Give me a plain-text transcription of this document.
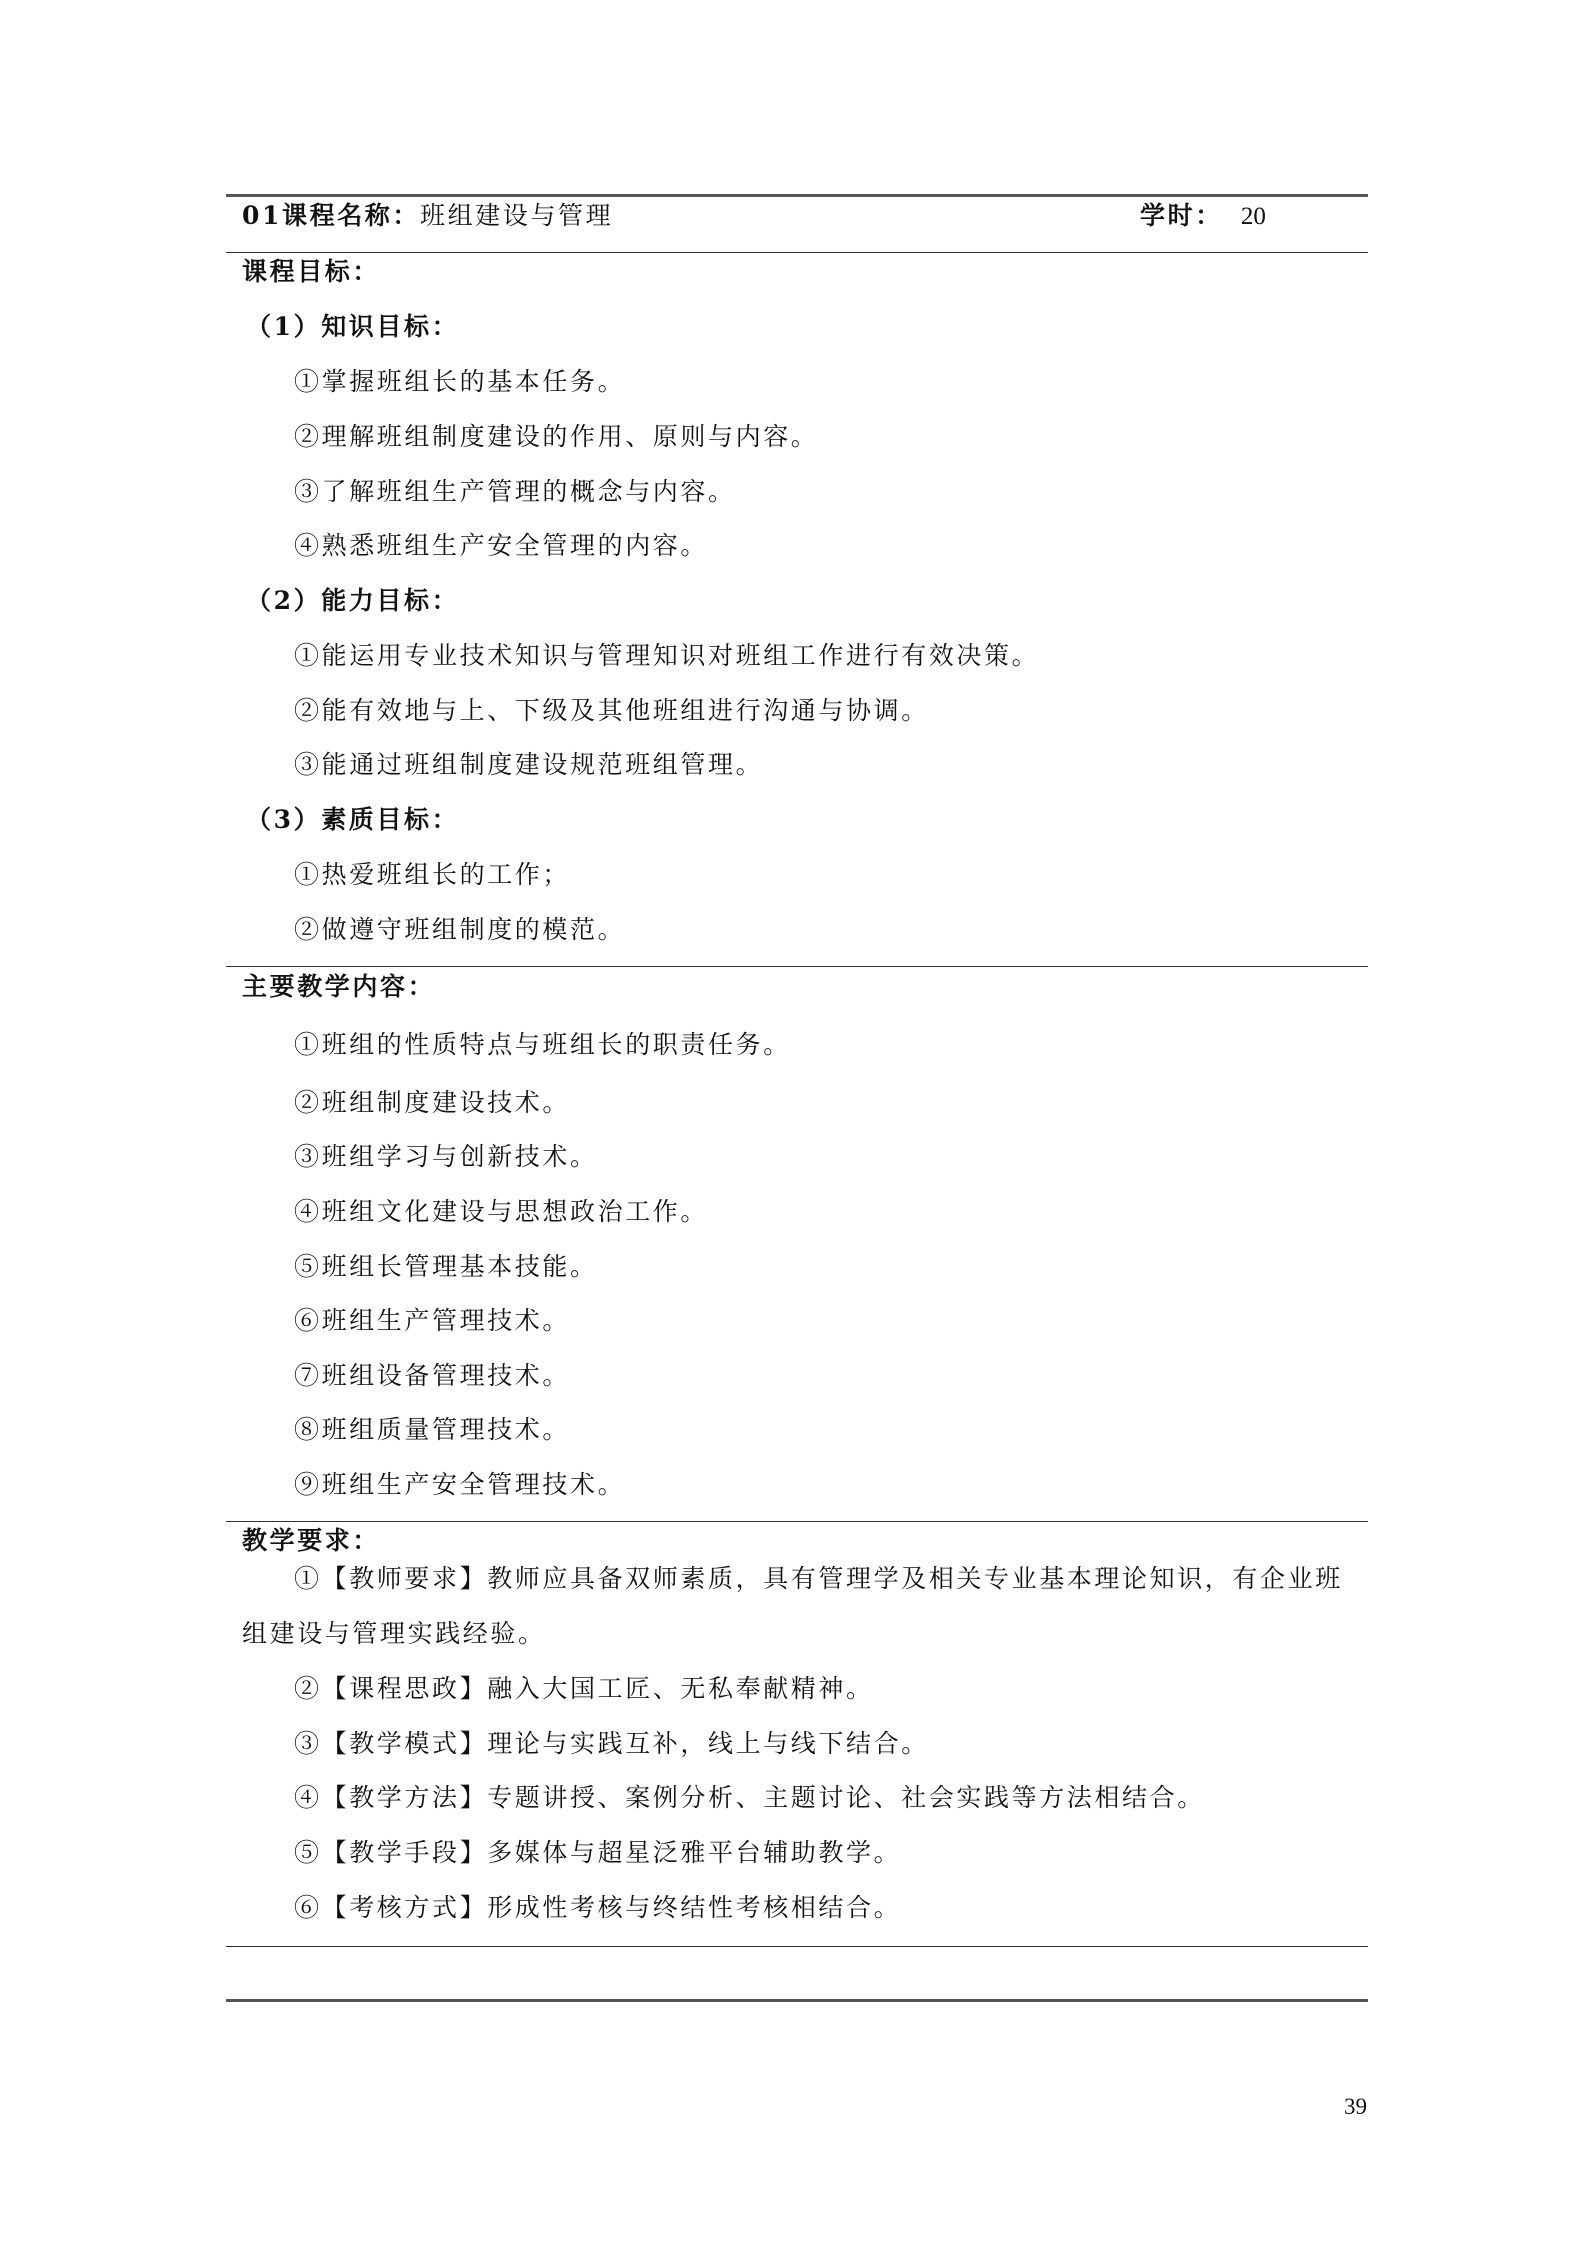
01课程名称：班组建设与管理	学时： 20
课程目标：
（1）知识目标：
①掌握班组长的基本任务。
②理解班组制度建设的作用、原则与内容。
③了解班组生产管理的概念与内容。
④熟悉班组生产安全管理的内容。
（2）能力目标：
①能运用专业技术知识与管理知识对班组工作进行有效决策。
②能有效地与上、下级及其他班组进行沟通与协调。
③能通过班组制度建设规范班组管理。
（3）素质目标：
①热爱班组长的工作；
②做遵守班组制度的模范。
主要教学内容：
①班组的性质特点与班组长的职责任务。
②班组制度建设技术。
③班组学习与创新技术。
④班组文化建设与思想政治工作。
⑤班组长管理基本技能。
⑥班组生产管理技术。
⑦班组设备管理技术。
⑧班组质量管理技术。
⑨班组生产安全管理技术。
教学要求：
①【教师要求】教师应具备双师素质，具有管理学及相关专业基本理论知识，有企业班
组建设与管理实践经验。
②【课程思政】融入大国工匠、无私奉献精神。
③【教学模式】理论与实践互补，线上与线下结合。
④【教学方法】专题讲授、案例分析、主题讨论、社会实践等方法相结合。
⑤【教学手段】多媒体与超星泛雅平台辅助教学。
⑥【考核方式】形成性考核与终结性考核相结合。
39
